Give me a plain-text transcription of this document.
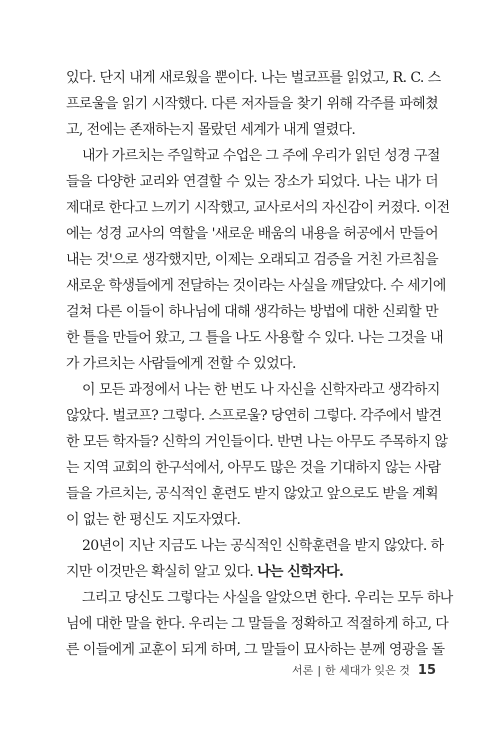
있다. 단지 내게 새로웠을 뿐이다. 나는 벌코프를 읽었고, R. C. 스
프로울을 읽기 시작했다. 다른 저자들을 찾기 위해 각주를 파헤쳤
고, 전에는 존재하는지 몰랐던 세계가 내게 열렸다.
내가 가르치는 주일학교 수업은 그 주에 우리가 읽던 성경 구절
들을 다양한 교리와 연결할 수 있는 장소가 되었다. 나는 내가 더
제대로 한다고 느끼기 시작했고, 교사로서의 자신감이 커졌다. 이전
에는 성경 교사의 역할을 '새로운 배움의 내용을 허공에서 만들어
내는 것'으로 생각했지만, 이제는 오래되고 검증을 거친 가르침을
새로운 학생들에게 전달하는 것이라는 사실을 깨달았다. 수 세기에
걸쳐 다른 이들이 하나님에 대해 생각하는 방법에 대한 신뢰할 만
한 틀을 만들어 왔고, 그 틀을 나도 사용할 수 있다. 나는 그것을 내
가 가르치는 사람들에게 전할 수 있었다.
이 모든 과정에서 나는 한 번도 나 자신을 신학자라고 생각하지
않았다. 벌코프? 그렇다. 스프로울? 당연히 그렇다. 각주에서 발견
한 모든 학자들? 신학의 거인들이다. 반면 나는 아무도 주목하지 않
는 지역 교회의 한구석에서, 아무도 많은 것을 기대하지 않는 사람
들을 가르치는, 공식적인 훈련도 받지 않았고 앞으로도 받을 계획
이 없는 한 평신도 지도자였다.
20년이 지난 지금도 나는 공식적인 신학훈련을 받지 않았다. 하
지만 이것만은 확실히 알고 있다. 나는 신학자다.
그리고 당신도 그렇다는 사실을 알았으면 한다. 우리는 모두 하나
님에 대한 말을 한다. 우리는 그 말들을 정확하고 적절하게 하고, 다
른 이들에게 교훈이 되게 하며, 그 말들이 묘사하는 분께 영광을 돌
서론 | 한 세대가 잊은 것 15
